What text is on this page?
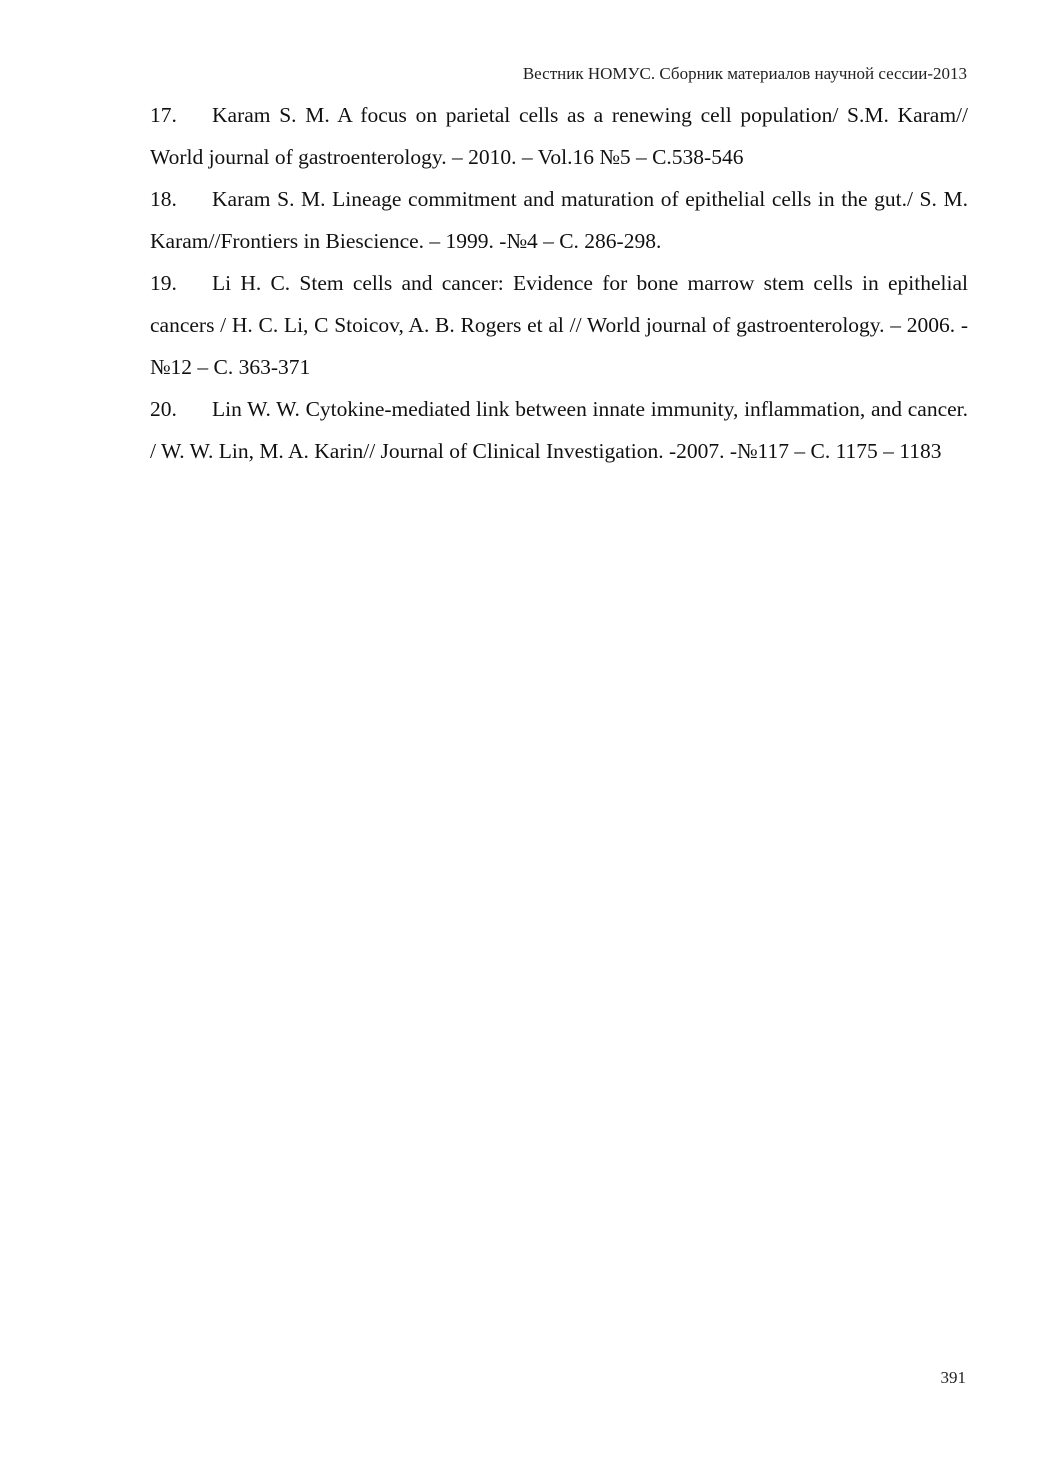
Вестник НОМУС. Сборник материалов научной сессии-2013

17. Karam S. M. A focus on parietal cells as a renewing cell population/ S.M. Karam// World journal of gastroenterology. – 2010. – Vol.16 №5 – C.538-546

18. Karam S. M. Lineage commitment and maturation of epithelial cells in the gut./ S. M. Karam//Frontiers in Biescience. – 1999. -№4 – C. 286-298.

19. Li H. C. Stem cells and cancer: Evidence for bone marrow stem cells in epithelial cancers / H. C. Li, C Stoicov, A. B. Rogers et al // World journal of gastroenterology. – 2006. - №12 – C. 363-371

20. Lin W. W. Cytokine-mediated link between innate immunity, inflammation, and cancer. / W. W. Lin, M. A. Karin// Journal of Clinical Investigation. -2007. -№117 – C. 1175 – 1183

391
